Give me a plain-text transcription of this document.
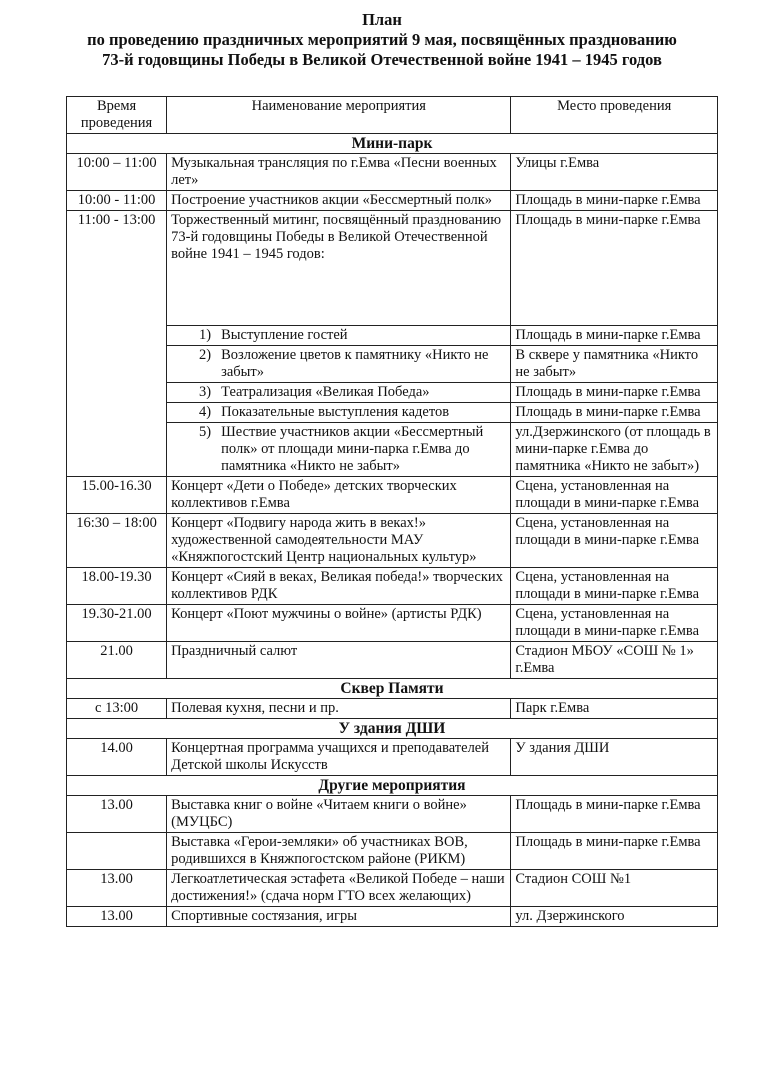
План
по проведению праздничных мероприятий 9 мая, посвящённых празднованию
73-й годовщины Победы в Великой Отечественной войне 1941 – 1945 годов
Время
проведения	Наименование мероприятия	Место проведения
Мини-парк		
10:00 – 11:00	Музыкальная трансляция по г.Емва «Песни военных лет»	Улицы г.Емва
10:00 - 11:00	Построение участников акции «Бессмертный полк»	Площадь в мини-парке г.Емва
11:00 - 13:00	Торжественный митинг, посвящённый празднованию 73-й годовщины Победы в Великой Отечественной войне 1941 – 1945 годов:	Площадь в мини-парке г.Емва

	1) Выступление гостей	Площадь в мини-парке г.Емва

	2) Возложение цветов к памятнику «Никто не забыт»	В сквере у памятника «Никто не забыт»

	3) Театрализация «Великая Победа»	Площадь в мини-парке г.Емва

	4) Показательные выступления кадетов	Площадь в мини-парке г.Емва

	5) Шествие участников акции «Бессмертный полк» от площади мини-парка г.Емва до памятника «Никто не забыт»	ул.Дзержинского (от площадь в мини-парке г.Емва до памятника «Никто не забыт»)
15.00-16.30	Концерт «Дети о Победе» детских творческих коллективов г.Емва	Сцена, установленная на площади в мини-парке г.Емва
16:30 – 18:00	Концерт «Подвигу народа жить в веках!» художественной самодеятельности МАУ «Княжпогостский Центр национальных культур»	Сцена, установленная на площади в мини-парке г.Емва
18.00-19.30	Концерт «Сияй в веках, Великая победа!» творческих коллективов РДК	Сцена, установленная на площади в мини-парке г.Емва
19.30-21.00	Концерт «Поют мужчины о войне» (артисты РДК)	Сцена, установленная на площади в мини-парке г.Емва
21.00	Праздничный салют	Стадион МБОУ «СОШ № 1» г.Емва
Сквер Памяти		
с 13:00	Полевая кухня, песни и пр.	Парк г.Емва
У здания ДШИ		
14.00	Концертная программа учащихся и преподавателей Детской школы Искусств	У здания ДШИ
Другие мероприятия		
13.00	Выставка книг о войне «Читаем книги о войне» (МУЦБС)	Площадь в мини-парке г.Емва
	Выставка «Герои-земляки» об участниках ВОВ, родившихся в Княжпогостском районе (РИКМ)	Площадь в мини-парке г.Емва
13.00	Легкоатлетическая эстафета «Великой Победе – наши достижения!» (сдача норм ГТО всех желающих)	Стадион СОШ №1
13.00	Спортивные состязания, игры	ул. Дзержинского
